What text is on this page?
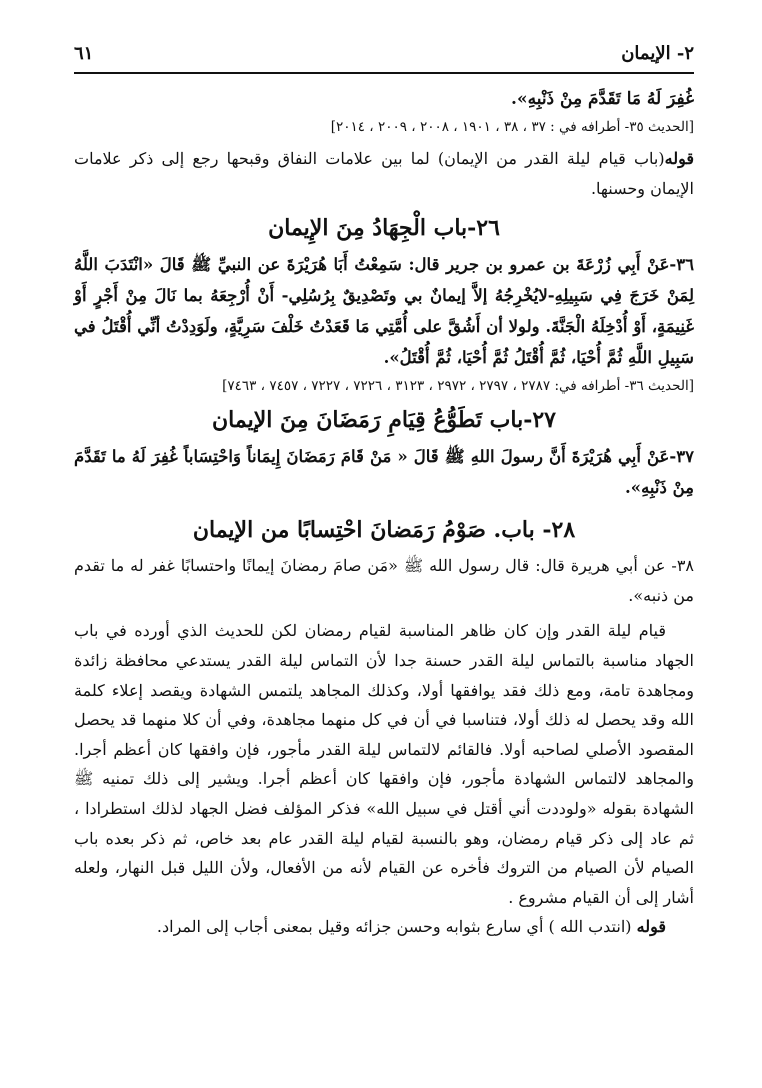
٦١	٢- الإيمان
غُفِرَ لَهُ مَا تَقَدَّمَ مِنْ ذَنْبِهِ».
[الحديث ٣٥- أطرافه في : ٣٧ ، ٣٨ ، ١٩٠١ ، ٢٠٠٨ ، ٢٠٠٩ ، ٢٠١٤]
قوله(باب قيام ليلة القدر من الإيمان) لما بين علامات النفاق وقبحها رجع إلى ذكر علامات الإيمان وحسنها.
٢٦-باب الْجِهَادُ مِنَ الإِيمان
٣٦-عَنْ أَبِي زُرْعَةَ بن عمرو بن جرير قال: سَمِعْتُ أَبَا هُرَيْرَةَ عن النبيِّ ﷺ قَالَ «انْتَدَبَ اللَّهُ لِمَنْ خَرَجَ فِي سَبِيلِهِ-لايُخْرِجُهُ إلاَّ إيمانٌ بي وتَصْدِيقٌ بِرُسُلِي- أَنْ أُرْجِعَهُ بما نَالَ مِنْ أَجْرٍ أَوْ غَنِيمَةٍ، أَوْ أُدْخِلَهُ الْجَنَّةَ. ولولا أن أَشُقَّ على أُمَّتِي مَا قَعَدْتُ خَلْفَ سَرِيَّةٍ، ولَوَدِدْتُ أنِّي أُقْتَلُ في سَبِيلِ اللَّهِ ثُمَّ أُحْيَا، ثُمَّ أُقْتَلُ ثُمَّ أُحْيَا، ثُمَّ أُقْتَلُ».
[الحديث ٣٦- أطرافه في: ٢٧٨٧ ، ٢٧٩٧ ، ٢٩٧٢ ، ٣١٢٣ ، ٧٢٢٦ ، ٧٢٢٧ ، ٧٤٥٧ ، ٧٤٦٣]
٢٧-باب تَطَوُّعُ قِيَامِ رَمَضَانَ مِنَ الإيمان
٣٧-عَنْ أَبِي هُرَيْرَةَ أَنَّ رسولَ اللهِ ﷺ قَالَ « مَنْ قَامَ رَمَضَانَ إِيمَاناً وَاحْتِسَاباً غُفِرَ لَهُ ما تَقَدَّمَ مِنْ ذَنْبِهِ».
٢٨- باب. صَوْمُ رَمَضانَ احْتِسابًا من الإيمان
٣٨- عن أبي هريرة قال: قال رسول الله ﷺ «مَن صامَ رمضانَ إيمانًا واحتسابًا غفر له ما تقدم من ذنبه».
قيام ليلة القدر وإن كان ظاهر المناسبة لقيام رمضان لكن للحديث الذي أورده في باب الجهاد مناسبة بالتماس ليلة القدر حسنة جدا لأن التماس ليلة القدر يستدعي محافظة زائدة ومجاهدة تامة، ومع ذلك فقد يوافقها أولا، وكذلك المجاهد يلتمس الشهادة ويقصد إعلاء كلمة الله وقد يحصل له ذلك أولا، فتناسبا في أن في كل منهما مجاهدة، وفي أن كلا منهما قد يحصل المقصود الأصلي لصاحبه أولا. فالقائم لالتماس ليلة القدر مأجور، فإن وافقها كان أعظم أجرا. والمجاهد لالتماس الشهادة مأجور، فإن وافقها كان أعظم أجرا. ويشير إلى ذلك تمنيه ﷺ الشهادة بقوله «ولوددت أني أقتل في سبيل الله» فذكر المؤلف فضل الجهاد لذلك استطرادا ، ثم عاد إلى ذكر قيام رمضان، وهو بالنسبة لقيام ليلة القدر عام بعد خاص، ثم ذكر بعده باب الصيام لأن الصيام من التروك فأخره عن القيام لأنه من الأفعال، ولأن الليل قبل النهار، ولعله أشار إلى أن القيام مشروع .
قوله (انتدب الله ) أي سارع بثوابه وحسن جزائه وقيل بمعنى أجاب إلى المراد.
